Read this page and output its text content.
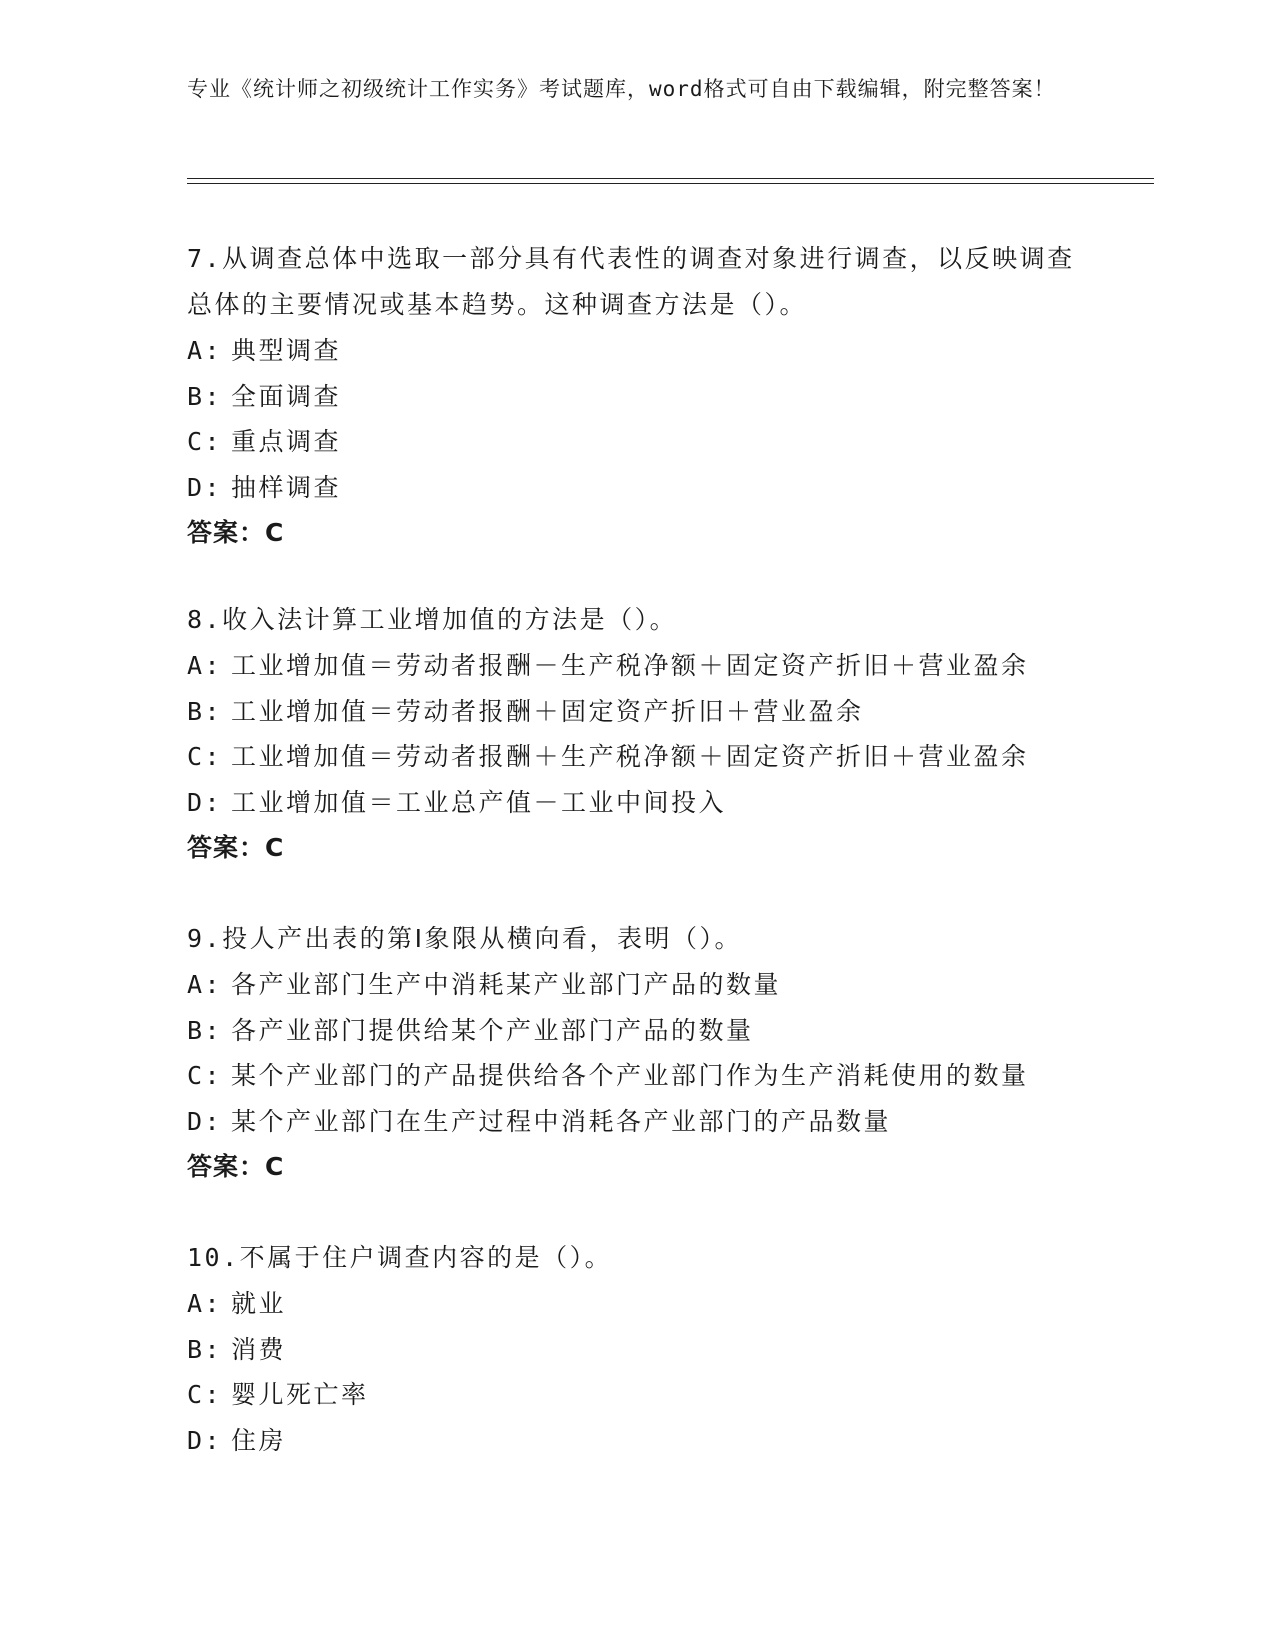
专业《统计师之初级统计工作实务》考试题库，word格式可自由下载编辑，附完整答案！

7.从调查总体中选取一部分具有代表性的调查对象进行调查，以反映调查总体的主要情况或基本趋势。这种调查方法是（）。

A: 典型调查

B: 全面调查

C: 重点调查

D: 抽样调查

答案：C

8.收入法计算工业增加值的方法是（）。

A: 工业增加值＝劳动者报酬－生产税净额＋固定资产折旧＋营业盈余

B: 工业增加值＝劳动者报酬＋固定资产折旧＋营业盈余

C: 工业增加值＝劳动者报酬＋生产税净额＋固定资产折旧＋营业盈余

D: 工业增加值＝工业总产值－工业中间投入

答案：C

9.投人产出表的第Ⅰ象限从横向看，表明（）。

A: 各产业部门生产中消耗某产业部门产品的数量

B: 各产业部门提供给某个产业部门产品的数量

C: 某个产业部门的产品提供给各个产业部门作为生产消耗使用的数量

D: 某个产业部门在生产过程中消耗各产业部门的产品数量

答案：C

10.不属于住户调查内容的是（）。

A: 就业

B: 消费

C: 婴儿死亡率

D: 住房
